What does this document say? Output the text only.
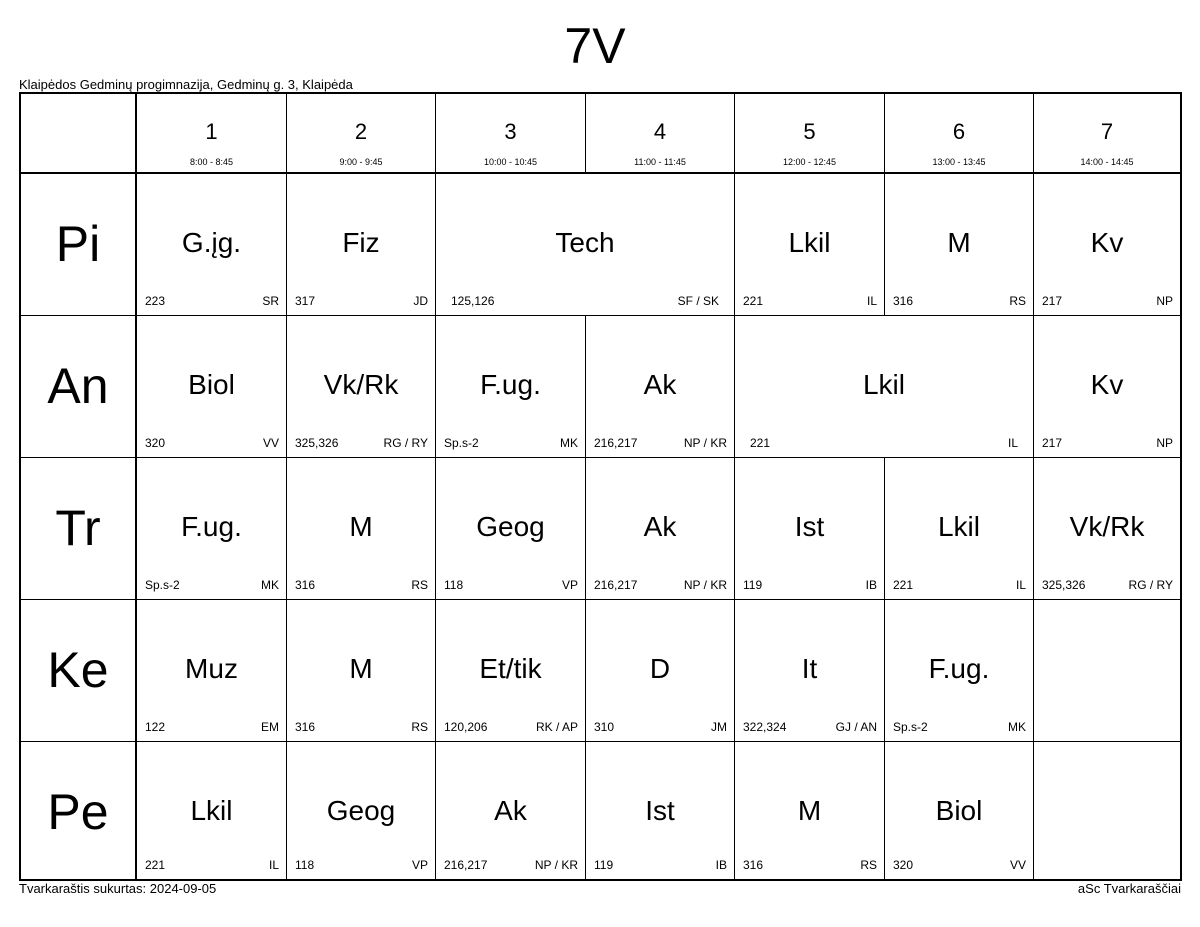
7V
Klaipėdos Gedminų progimnazija, Gedminų g. 3, Klaipėda
1
8:00 - 8:45
2
9:00 - 9:45
3
10:00 - 10:45
4
11:00 - 11:45
5
12:00 - 12:45
6
13:00 - 13:45
7
14:00 - 14:45
Pi	G.įg.
223	SR
Fiz
317	JD
Tech
125,126	SF / SK
Lkil
221	IL
M
316	RS
Kv
217	NP
An	Biol
320	VV
Vk/Rk
325,326	RG / RY
F.ug.
Sp.s-2	MK
Ak
216,217	NP / KR
Lkil
221	IL
Kv
217	NP
Tr	F.ug.
Sp.s-2	MK
M
316	RS
Geog
118	VP
Ak
216,217	NP / KR
Ist
119	IB
Lkil
221	IL
Vk/Rk
325,326	RG / RY
Ke	Muz
122	EM
M
316	RS
Et/tik
120,206	RK / AP
D
310	JM
It
322,324	GJ / AN
F.ug.
Sp.s-2	MK
Pe	Lkil
221	IL
Geog
118	VP
Ak
216,217	NP / KR
Ist
119	IB
M
316	RS
Biol
320	VV
Tvarkaraštis sukurtas: 2024-09-05	aSc Tvarkaraščiai
